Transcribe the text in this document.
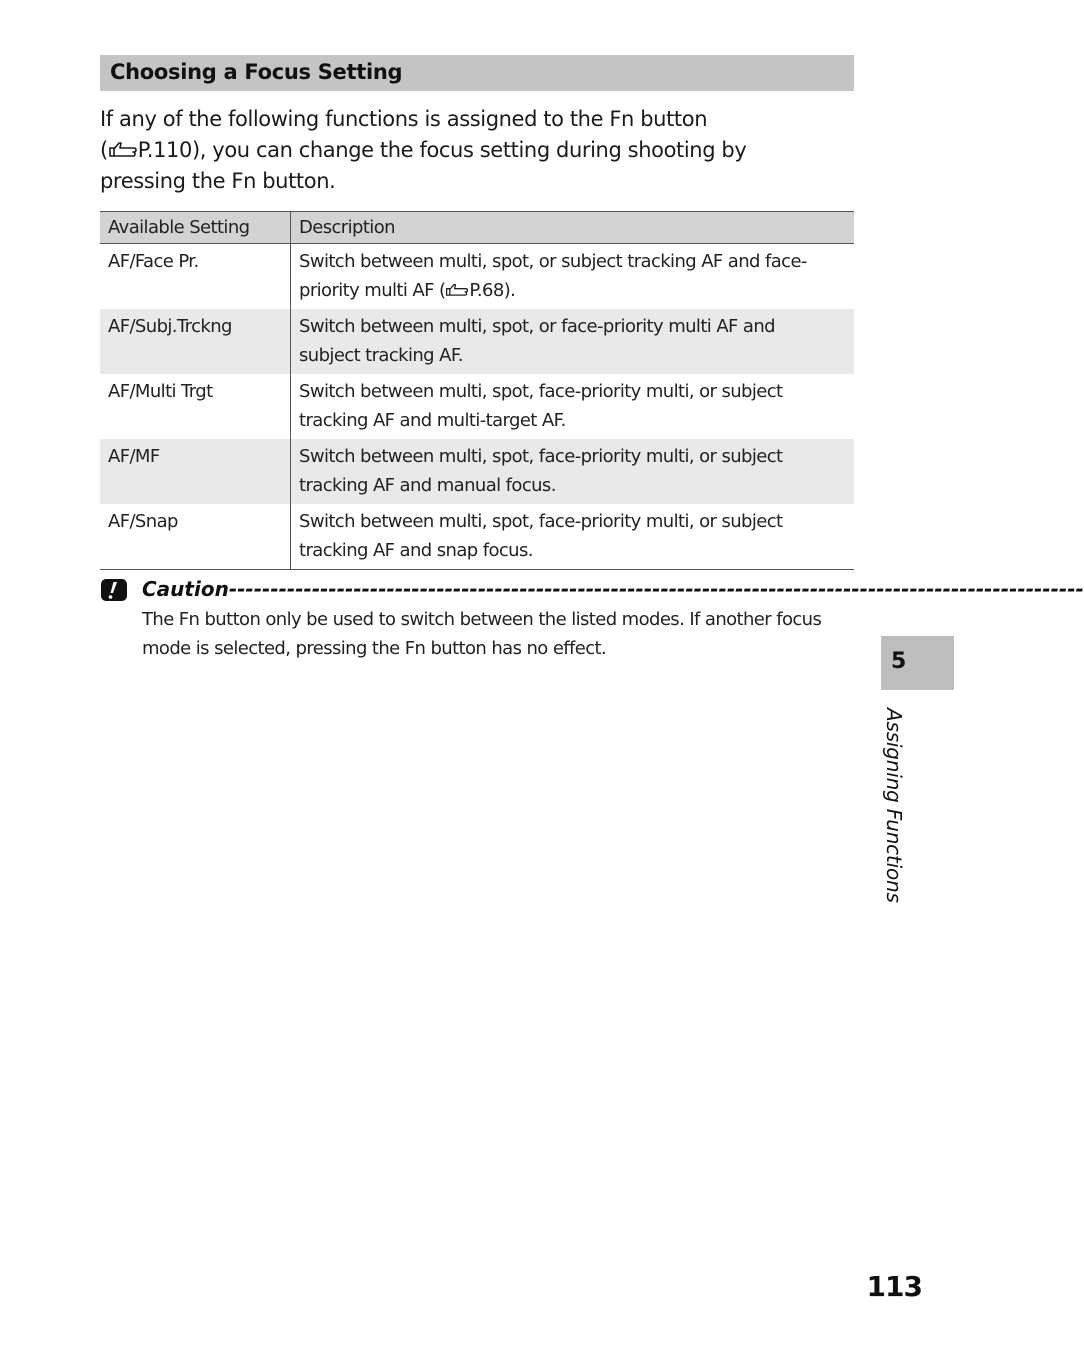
Choosing a Focus Setting
If any of the following functions is assigned to the Fn button
( P.110), you can change the focus setting during shooting by
pressing the Fn button.
Available Setting	Description
AF/Face Pr.	Switch between multi, spot, or subject tracking AF and face-
priority multi AF ( P.68).

AF/Subj.Trckng	Switch between multi, spot, or face-priority multi AF and
subject tracking AF.

AF/Multi Trgt	Switch between multi, spot, face-priority multi, or subject
tracking AF and multi-target AF.

AF/MF	Switch between multi, spot, face-priority multi, or subject
tracking AF and manual focus.

AF/Snap	Switch between multi, spot, face-priority multi, or subject
tracking AF and snap focus.
Caution-------------------------------------------------------------------------------------------------------
The Fn button only be used to switch between the listed modes. If another focus
mode is selected, pressing the Fn button has no effect.
5
Assigning Functions
113
